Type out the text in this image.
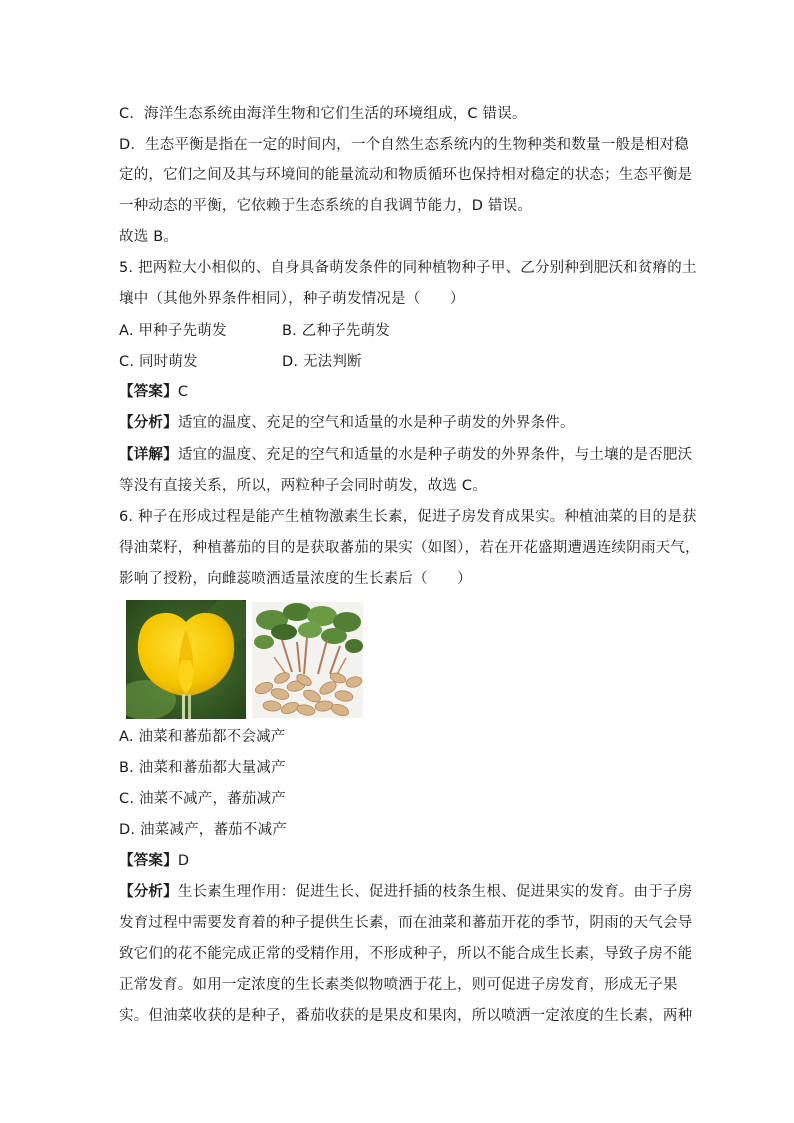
C．海洋生态系统由海洋生物和它们生活的环境组成，C 错误。
D．生态平衡是指在一定的时间内，一个自然生态系统内的生物种类和数量一般是相对稳
定的，它们之间及其与环境间的能量流动和物质循环也保持相对稳定的状态；生态平衡是
一种动态的平衡，它依赖于生态系统的自我调节能力，D 错误。
故选 B。
5. 把两粒大小相似的、自身具备萌发条件的同种植物种子甲、乙分别种到肥沃和贫瘠的土
壤中（其他外界条件相同），种子萌发情况是（　　）
A. 甲种子先萌发	B. 乙种子先萌发
C. 同时萌发	D. 无法判断
【答案】C
【分析】适宜的温度、充足的空气和适量的水是种子萌发的外界条件。
【详解】适宜的温度、充足的空气和适量的水是种子萌发的外界条件，与土壤的是否肥沃
等没有直接关系，所以，两粒种子会同时萌发，故选 C。
6. 种子在形成过程是能产生植物激素生长素，促进子房发育成果实。种植油菜的目的是获
得油菜籽，种植蕃茄的目的是获取蕃茄的果实（如图），若在开花盛期遭遇连续阴雨天气，
影响了授粉，向雌蕊喷洒适量浓度的生长素后（　　）
A. 油菜和蕃茄都不会减产
B. 油菜和蕃茄都大量减产
C. 油菜不减产，蕃茄减产
D. 油菜减产，蕃茄不减产
【答案】D
【分析】生长素生理作用：促进生长、促进扦插的枝条生根、促进果实的发育。由于子房
发育过程中需要发育着的种子提供生长素，而在油菜和蕃茄开花的季节，阴雨的天气会导
致它们的花不能完成正常的受精作用，不形成种子，所以不能合成生长素，导致子房不能
正常发育。如用一定浓度的生长素类似物喷洒于花上，则可促进子房发育，形成无子果
实。但油菜收获的是种子，番茄收获的是果皮和果肉，所以喷洒一定浓度的生长素，两种
